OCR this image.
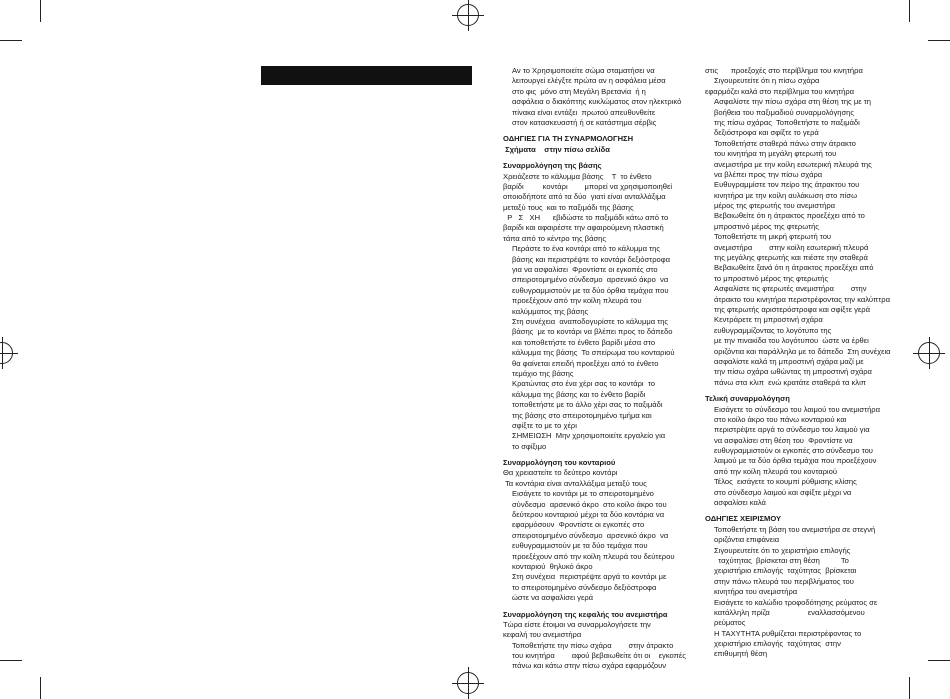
Αν το Χρησιμοποιείτε σώμα σταματήσει να
λειτουργεί ελέγξτε πρώτα αν η ασφάλεια μέσα
στο φις  μόνο στη Μεγάλη Βρετανία  ή η
ασφάλεια ο διακόπτης κυκλώματος στον ηλεκτρικό
πίνακα είναι εντάξει  πρωτού απευθυνθείτε
στον κατασκευαστή ή σε κατάστημα σέρβις
ΟΔΗΓΙΕΣ ΓΙΑ ΤΗ ΣΥΝΑΡΜΟΛΟΓΗΣΗ
Σχήματα    στην πίσω σελίδα
Συναρμολόγηση της βάσης
Χρειάζεστε το κάλυμμα βάσης    Τ  το ένθετο
βαρίδι         κοντάρι        μπορεί να χρησιμοποιηθεί
οποιοδήποτε από τα δύο  γιατί είναι ανταλλάξιμα
μεταξύ τους  και το παξιμάδι της βάσης
Ρ   Σ   ΧΗ      εβιδώστε το παξιμάδι κάτω από το
βαρίδι και αφαιρέστε την αφαιρούμενη πλαστική
τάπα από το κέντρο της βάσης
Περάστε το ένα κοντάρι από το κάλυμμα της
βάσης και περιστρέψτε το κοντάρι δεξιόστροφα
για να ασφαλίσει  Φροντίστε οι εγκοπές στο
σπειροτομημένο σύνδεσμο  αρσενικό άκρο  να
ευθυγραμμιστούν με τα δύο όρθια τεμάχια που
προεξέχουν από την κοίλη πλευρά του
καλύμματος της βάσης
Στη συνέχεια  αναποδογυρίστε το κάλυμμα της
βάσης  με το κοντάρι να βλέπει προς το δάπεδο
και τοποθετήστε το ένθετο βαρίδι μέσα στο
κάλυμμα της βάσης  Το σπείρωμα του κονταριού
θα φαίνεται επειδή προεξέχει από το ένθετο
τεμάχιο της βάσης
Κρατώντας στο ένα χέρι σας το κοντάρι  το
κάλυμμα της βάσης και το ένθετο βαρίδι
τοποθετήστε με το άλλο χέρι σας το παξιμάδι
της βάσης στο σπειροτομημένο τμήμα και
σφίξτε το με το χέρι
ΣΗΜΕΙΩΣΗ  Μην χρησιμοποιείτε εργαλείο για
το σφίξιμο
Συναρμολόγηση του κονταριού
Θα χρειαστείτε το δεύτερο κοντάρι
Τα κοντάρια είναι ανταλλάξιμα μεταξύ τους
Εισάγετε το κοντάρι με το σπειροτομημένο
σύνδεσμο  αρσενικό άκρο  στο κοίλο άκρο του
δεύτερου κονταριού μέχρι τα δύο κοντάρια να
εφαρμόσουν  Φροντίστε οι εγκοπές στο
σπειροτομημένο σύνδεσμο  αρσενικό άκρο  να
ευθυγραμμιστούν με τα δύο τεμάχια που
προεξέχουν από την κοίλη πλευρά του δεύτερου
κονταριού  θηλυκό άκρο
Στη συνέχεια  περιστρέψτε αργά το κοντάρι με
το σπειροτομημένο σύνδεσμο δεξιόστροφα
ώστε να ασφαλίσει γερά
Συναρμολόγηση της κεφαλής του ανεμιστήρα
Τώρα είστε έτοιμοι να συναρμολογήσετε την
κεφαλή του ανεμιστήρα
Τοποθετήστε την πίσω σχάρα        στην άτρακτο
του κινητήρα        αφού βεβαιωθείτε ότι οι    εγκοπές
πάνω και κάτω στην πίσω σχάρα εφαρμόζουν
στις      προεξοχές στο περίβλημα του κινητήρα
Σιγουρευτείτε ότι η πίσω σχάρα
εφαρμόζει καλά στο περίβλημα του κινητήρα
Ασφαλίστε την πίσω σχάρα στη θέση της με τη
βοήθεια του παξιμαδιού συναρμολόγησης
της πίσω σχάρας  Τοποθετήστε το παξιμάδι
δεξιόστροφα και σφίξτε το γερά
Τοποθετήστε σταθερά πάνω στην άτρακτο
του κινητήρα τη μεγάλη φτερωτή του
ανεμιστήρα με την κοίλη εσωτερική πλευρά της
να βλέπει προς την πίσω σχάρα
Ευθυγραμμίστε τον πείρο της άτρακτου του
κινητήρα με την κοίλη αυλάκωση στο πίσω
μέρος της φτερωτής του ανεμιστήρα
Βεβαιωθείτε ότι η άτρακτος προεξέχει από το
μπροστινό μέρος της φτερωτής
Τοποθετήστε τη μικρή φτερωτή του
ανεμιστήρα        στην κοίλη εσωτερική πλευρά
της μεγάλης φτερωτής και πιέστε την σταθερά
Βεβαιωθείτε ξανά ότι η άτρακτος προεξέχει από
το μπροστινό μέρος της φτερωτής
Ασφαλίστε τις φτερωτές ανεμιστήρα        στην
άτρακτο του κινητήρα περιστρέφοντας την καλύπτρα
της φτερωτής αριστερόστροφα και σφίξτε γερά
Κεντράρετε τη μπροστινή σχάρα
ευθυγραμμίζοντας το λογότυπο της
με την πινακίδα του λογότυπου  ώστε να έρθει
οριζόντια και παράλληλα με το δάπεδο  Στη συνέχεια
ασφαλίστε καλά τη μπροστινή σχάρα μαζί με
την πίσω σχάρα ωθώντας τη μπροστινή σχάρα
πάνω στα κλιπ  ενώ κρατάτε σταθερά τα κλιπ
Τελική συναρμολόγηση
Εισάγετε το σύνδεσμο του λαιμού του ανεμιστήρα
στο κοίλο άκρο του πάνω κονταριού και
περιστρέψτε αργά το σύνδεσμο του λαιμού για
να ασφαλίσει στη θέση του  Φροντίστε να
ευθυγραμμιστούν οι εγκοπές στο σύνδεσμο του
λαιμού με τα δύο όρθια τεμάχια που προεξέχουν
από την κοίλη πλευρά του κονταριού
Τέλος  εισάγετε το κουμπί ρύθμισης κλίσης
στο σύνδεσμο λαιμού και σφίξτε μέχρι να
ασφαλίσει καλά
ΟΔΗΓΙΕΣ ΧΕΙΡΙΣΜΟΥ
Τοποθετήστε τη βάση του ανεμιστήρα σε στεγνή
οριζόντια επιφάνεια
Σιγουρευτείτε ότι το χειριστήριο επιλογής
ταχύτητας  βρίσκεται στη θέση          Το
χειριστήριο επιλογής  ταχύτητας  βρίσκεται
στην πάνω πλευρά του περιβλήματος του
κινητήρα του ανεμιστήρα
Εισάγετε το καλώδιο τροφοδότησης ρεύματος σε
κατάλληλη πρίζα                  εναλλασσόμενου
ρεύματος
Η ΤΑΧΥΤΗΤΑ ρυθμίζεται περιστρέφοντας το
χειριστήριο επιλογής  ταχύτητας  στην
επιθυμητή θέση
